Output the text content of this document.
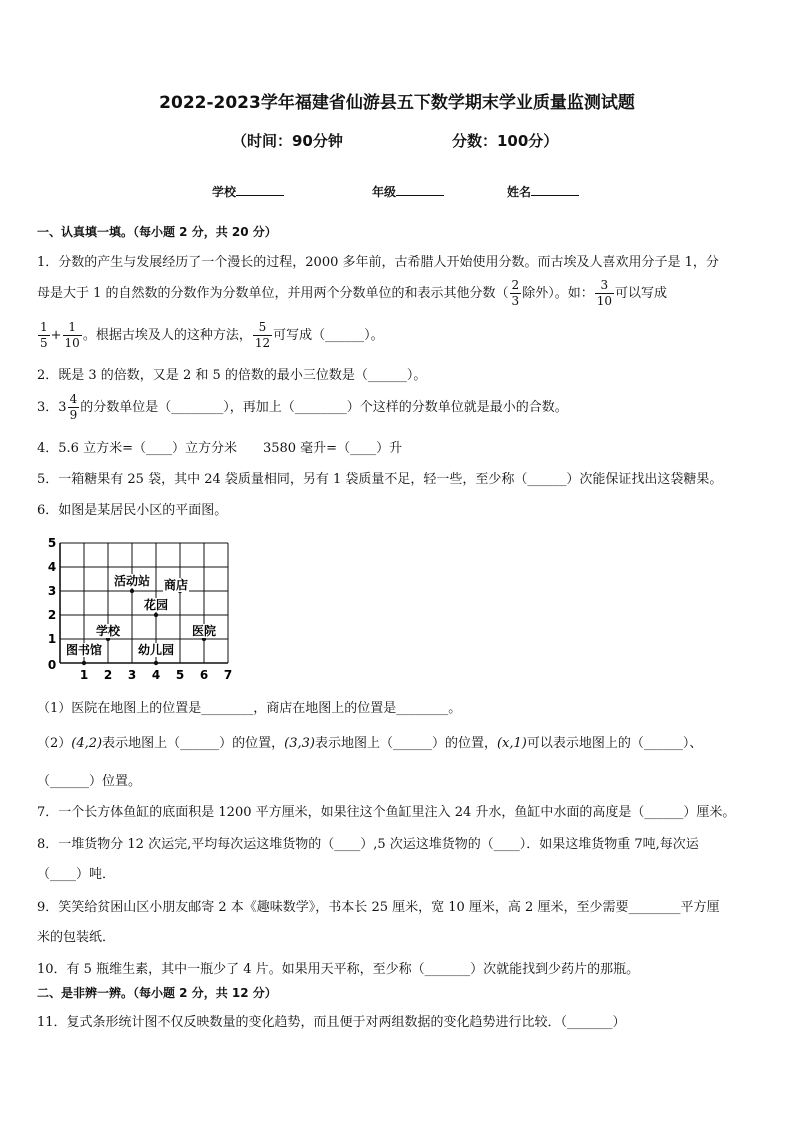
2022-2023学年福建省仙游县五下数学期末学业质量监测试题
（时间：90分钟	分数：100分）
学校	年级	姓名
一、认真填一填。（每小题 2 分，共 20 分）
1．分数的产生与发展经历了一个漫长的过程，2000 多年前，古希腊人开始使用分数。而古埃及人喜欢用分子是 1，分
母是大于 1 的自然数的分数作为分数单位，并用两个分数单位的和表示其他分数（ $\frac{2}{3}$ 除外）。如： $\frac{3}{10}$ 可以写成
$\frac{1}{5} + \frac{1}{10}$ 。根据古埃及人的这种方法， $\frac{5}{12}$ 可写成（______）。
2．既是 3 的倍数，又是 2 和 5 的倍数的最小三位数是（______）。
3．$3 \frac{4}{9}$ 的分数单位是（________），再加上（________）个这样的分数单位就是最小的合数。
4．5.6 立方米=（____）立方分米　　3580 毫升=（____）升
5．一箱糖果有 25 袋，其中 24 袋质量相同，另有 1 袋质量不足，轻一些，至少称（______）次能保证找出这袋糖果。
6．如图是某居民小区的平面图。
1 2 3 4 5 6 7
1
2
3
4
5
0
活动站 商店
花园
学校	医院
图书馆	幼儿园
（1）医院在地图上的位置是________，商店在地图上的位置是________。
（2）(4,2)表示地图上（______）的位置，(3,3)表示地图上（______）的位置，(x,1)可以表示地图上的（______）、
（______）位置。
7．一个长方体鱼缸的底面积是 1200 平方厘米，如果往这个鱼缸里注入 24 升水，鱼缸中水面的高度是（______）厘米。
8．一堆货物分 12 次运完,平均每次运这堆货物的（____）,5 次运这堆货物的（____）．如果这堆货物重 7吨,每次运
（____）吨．
9．笑笑给贫困山区小朋友邮寄 2 本《趣味数学》，书本长 25 厘米，宽 10 厘米，高 2 厘米，至少需要________平方厘
米的包装纸．
10．有 5 瓶维生素，其中一瓶少了 4 片。如果用天平称，至少称（_______）次就能找到少药片的那瓶。
二、是非辨一辨。（每小题 2 分，共 12 分）
11．复式条形统计图不仅反映数量的变化趋势，而且便于对两组数据的变化趋势进行比较．（_______）
